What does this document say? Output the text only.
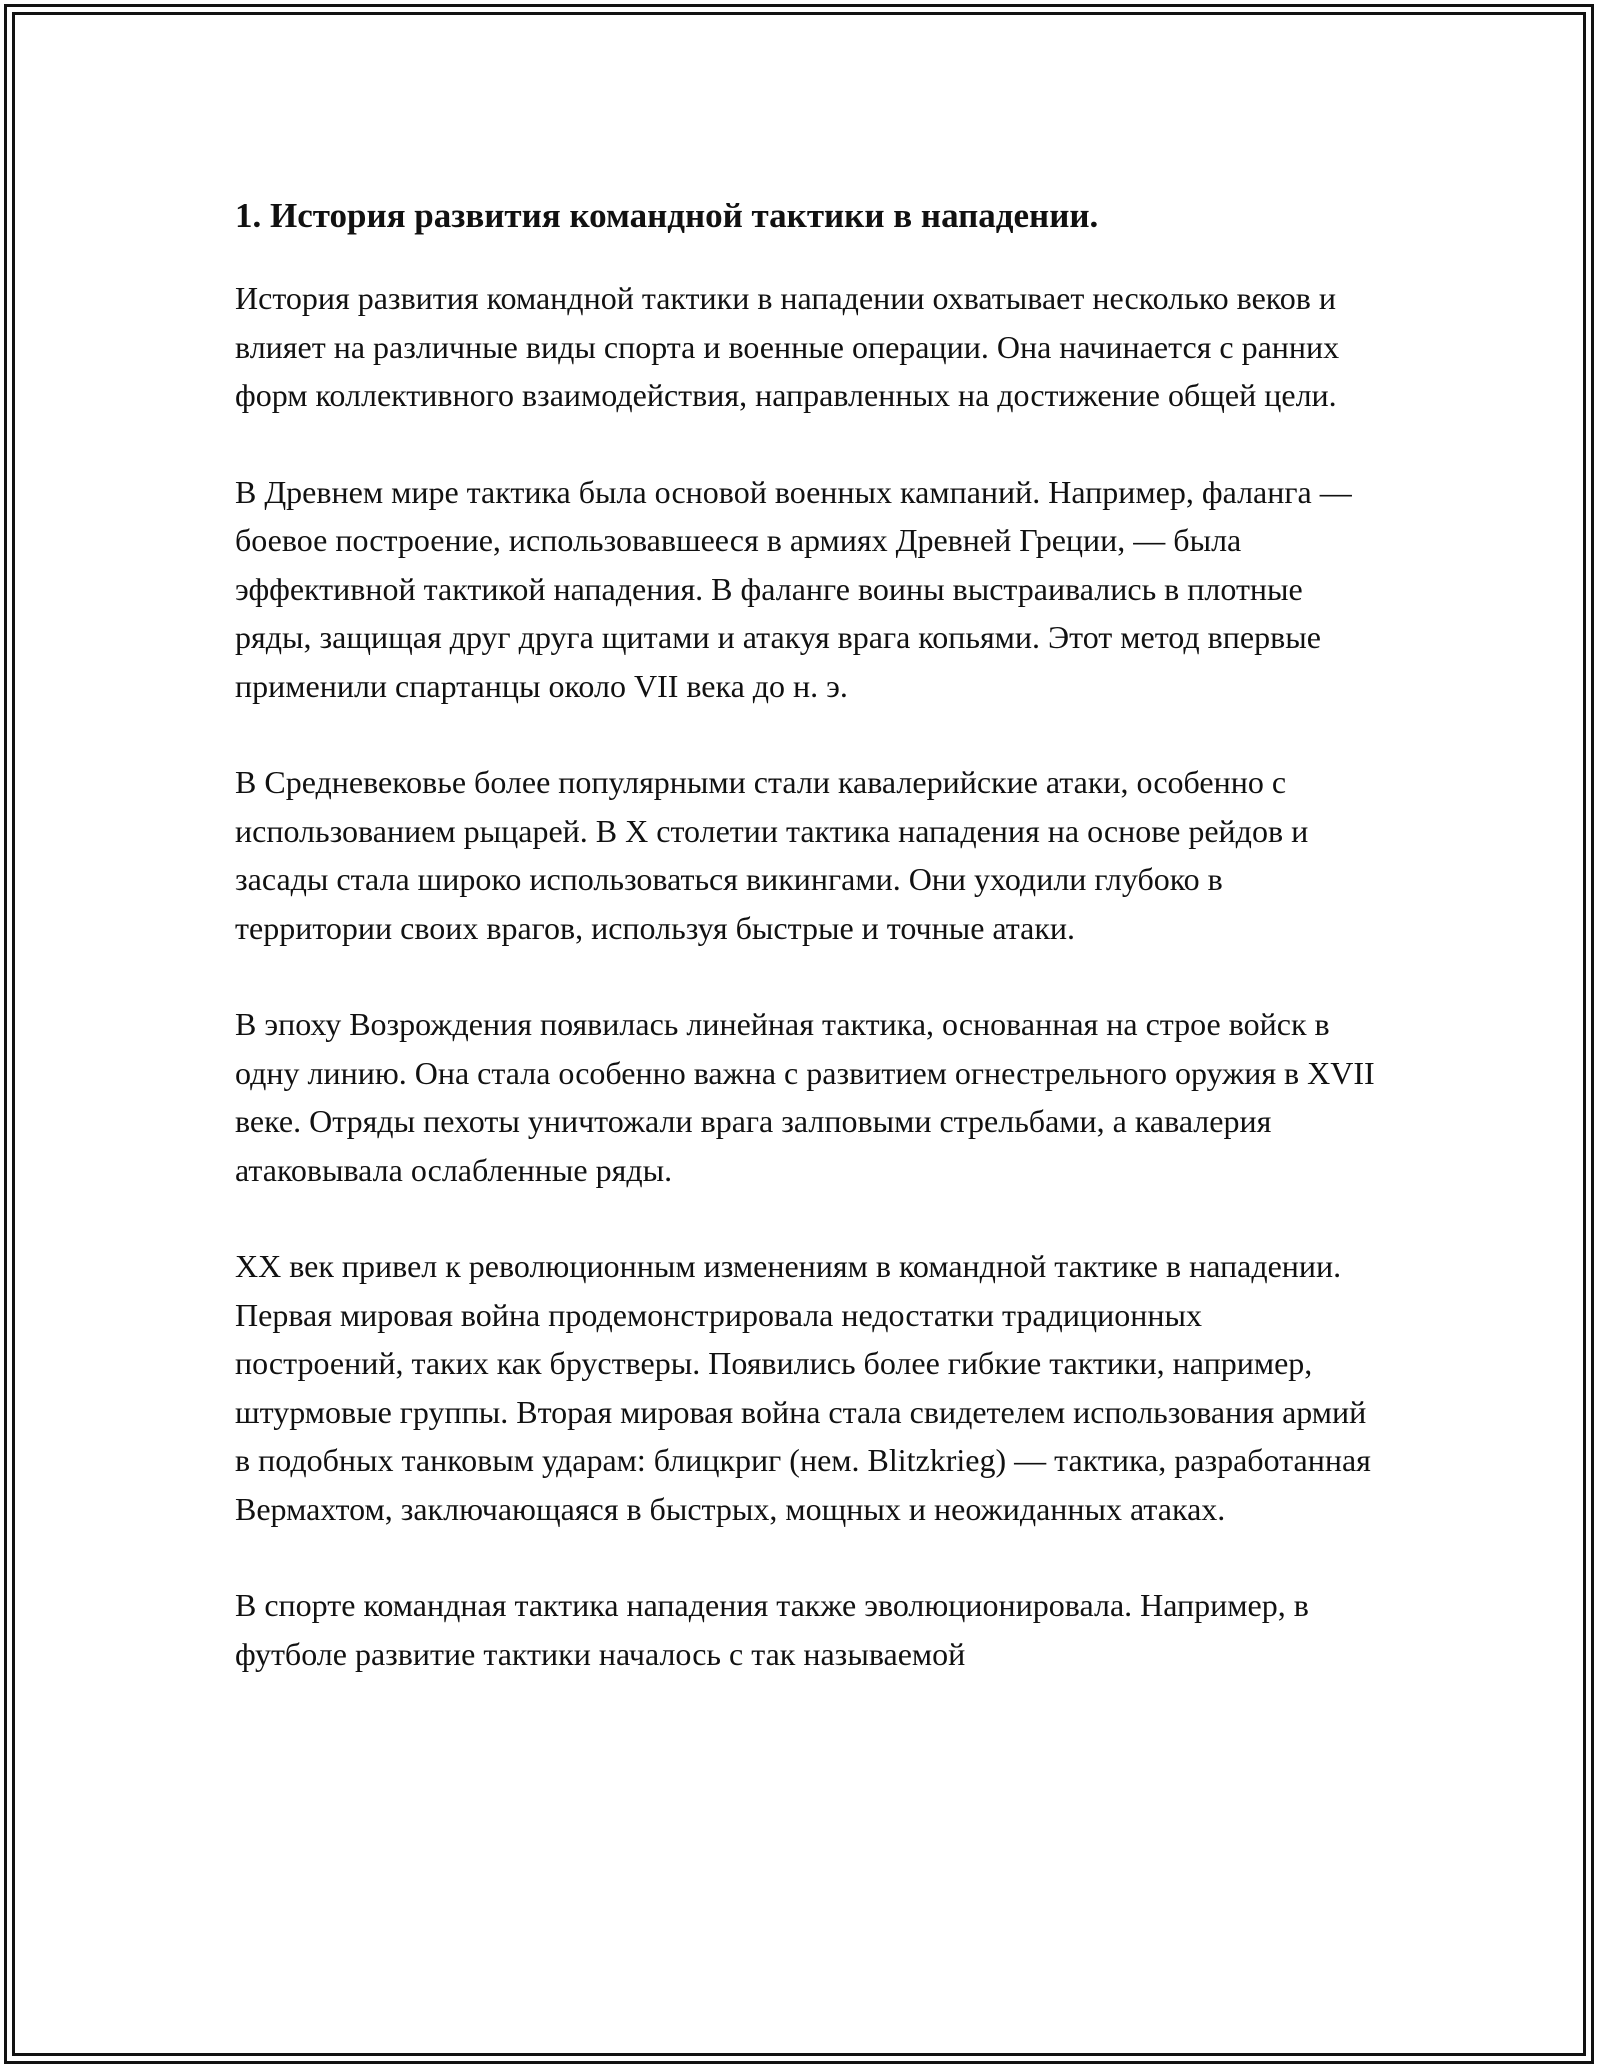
1. История развития командной тактики в нападении.

История развития командной тактики в нападении охватывает несколько веков и влияет на различные виды спорта и военные операции. Она начинается с ранних форм коллективного взаимодействия, направленных на достижение общей цели.

В Древнем мире тактика была основой военных кампаний. Например, фаланга — боевое построение, использовавшееся в армиях Древней Греции, — была эффективной тактикой нападения. В фаланге воины выстраивались в плотные ряды, защищая друг друга щитами и атакуя врага копьями. Этот метод впервые применили спартанцы около VII века до н. э.

В Средневековье более популярными стали кавалерийские атаки, особенно с использованием рыцарей. В X столетии тактика нападения на основе рейдов и засады стала широко использоваться викингами. Они уходили глубоко в территории своих врагов, используя быстрые и точные атаки.

В эпоху Возрождения появилась линейная тактика, основанная на строе войск в одну линию. Она стала особенно важна с развитием огнестрельного оружия в XVII веке. Отряды пехоты уничтожали врага залповыми стрельбами, а кавалерия атаковывала ослабленные ряды.

XX век привел к революционным изменениям в командной тактике в нападении. Первая мировая война продемонстрировала недостатки традиционных построений, таких как брустверы. Появились более гибкие тактики, например, штурмовые группы. Вторая мировая война стала свидетелем использования армий в подобных танковым ударам: блицкриг (нем. Blitzkrieg) — тактика, разработанная Вермахтом, заключающаяся в быстрых, мощных и неожиданных атаках.

В спорте командная тактика нападения также эволюционировала. Например, в футболе развитие тактики началось с так называемой
